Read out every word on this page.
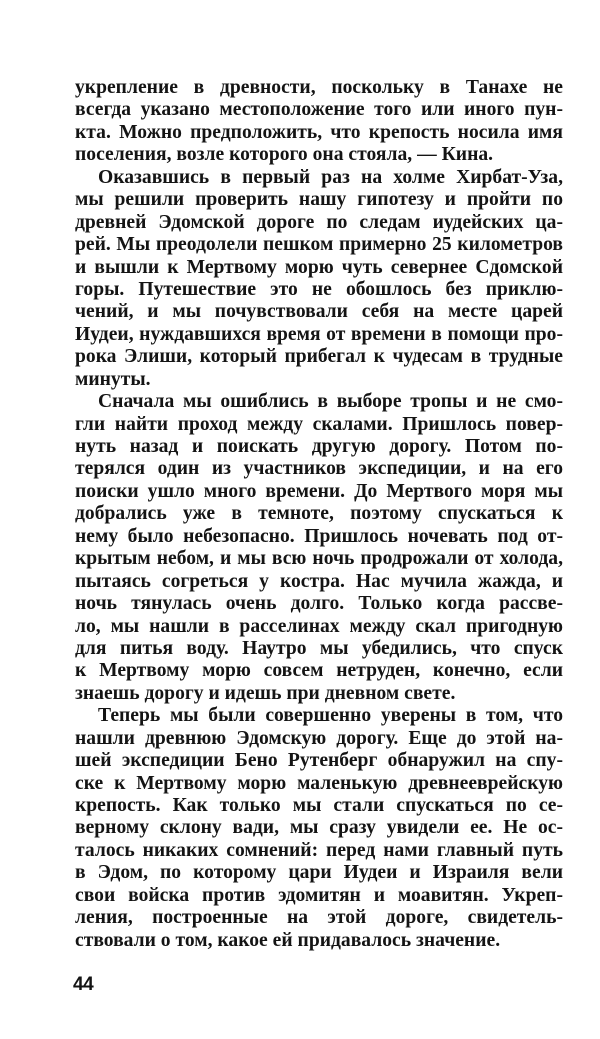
укрепление в древности, поскольку в Танахе не
всегда указано местоположение того или иного пун-
кта. Можно предположить, что крепость носила имя
поселения, возле которого она стояла, — Кина.
Оказавшись в первый раз на холме Хирбат-Уза,
мы решили проверить нашу гипотезу и пройти по
древней Эдомской дороге по следам иудейских ца-
рей. Мы преодолели пешком примерно 25 километров
и вышли к Мертвому морю чуть севернее Сдомской
горы. Путешествие это не обошлось без приклю-
чений, и мы почувствовали себя на месте царей
Иудеи, нуждавшихся время от времени в помощи про-
рока Элиши, который прибегал к чудесам в трудные
минуты.
Сначала мы ошиблись в выборе тропы и не смо-
гли найти проход между скалами. Пришлось повер-
нуть назад и поискать другую дорогу. Потом по-
терялся один из участников экспедиции, и на его
поиски ушло много времени. До Мертвого моря мы
добрались уже в темноте, поэтому спускаться к
нему было небезопасно. Пришлось ночевать под от-
крытым небом, и мы всю ночь продрожали от холода,
пытаясь согреться у костра. Нас мучила жажда, и
ночь тянулась очень долго. Только когда рассве-
ло, мы нашли в расселинах между скал пригодную
для питья воду. Наутро мы убедились, что спуск
к Мертвому морю совсем нетруден, конечно, если
знаешь дорогу и идешь при дневном свете.
Теперь мы были совершенно уверены в том, что
нашли древнюю Эдомскую дорогу. Еще до этой на-
шей экспедиции Бено Рутенберг обнаружил на спу-
ске к Мертвому морю маленькую древнееврейскую
крепость. Как только мы стали спускаться по се-
верному склону вади, мы сразу увидели ее. Не ос-
талось никаких сомнений: перед нами главный путь
в Эдом, по которому цари Иудеи и Израиля вели
свои войска против эдомитян и моавитян. Укреп-
ления, построенные на этой дороге, свидетель-
ствовали о том, какое ей придавалось значение.
44
